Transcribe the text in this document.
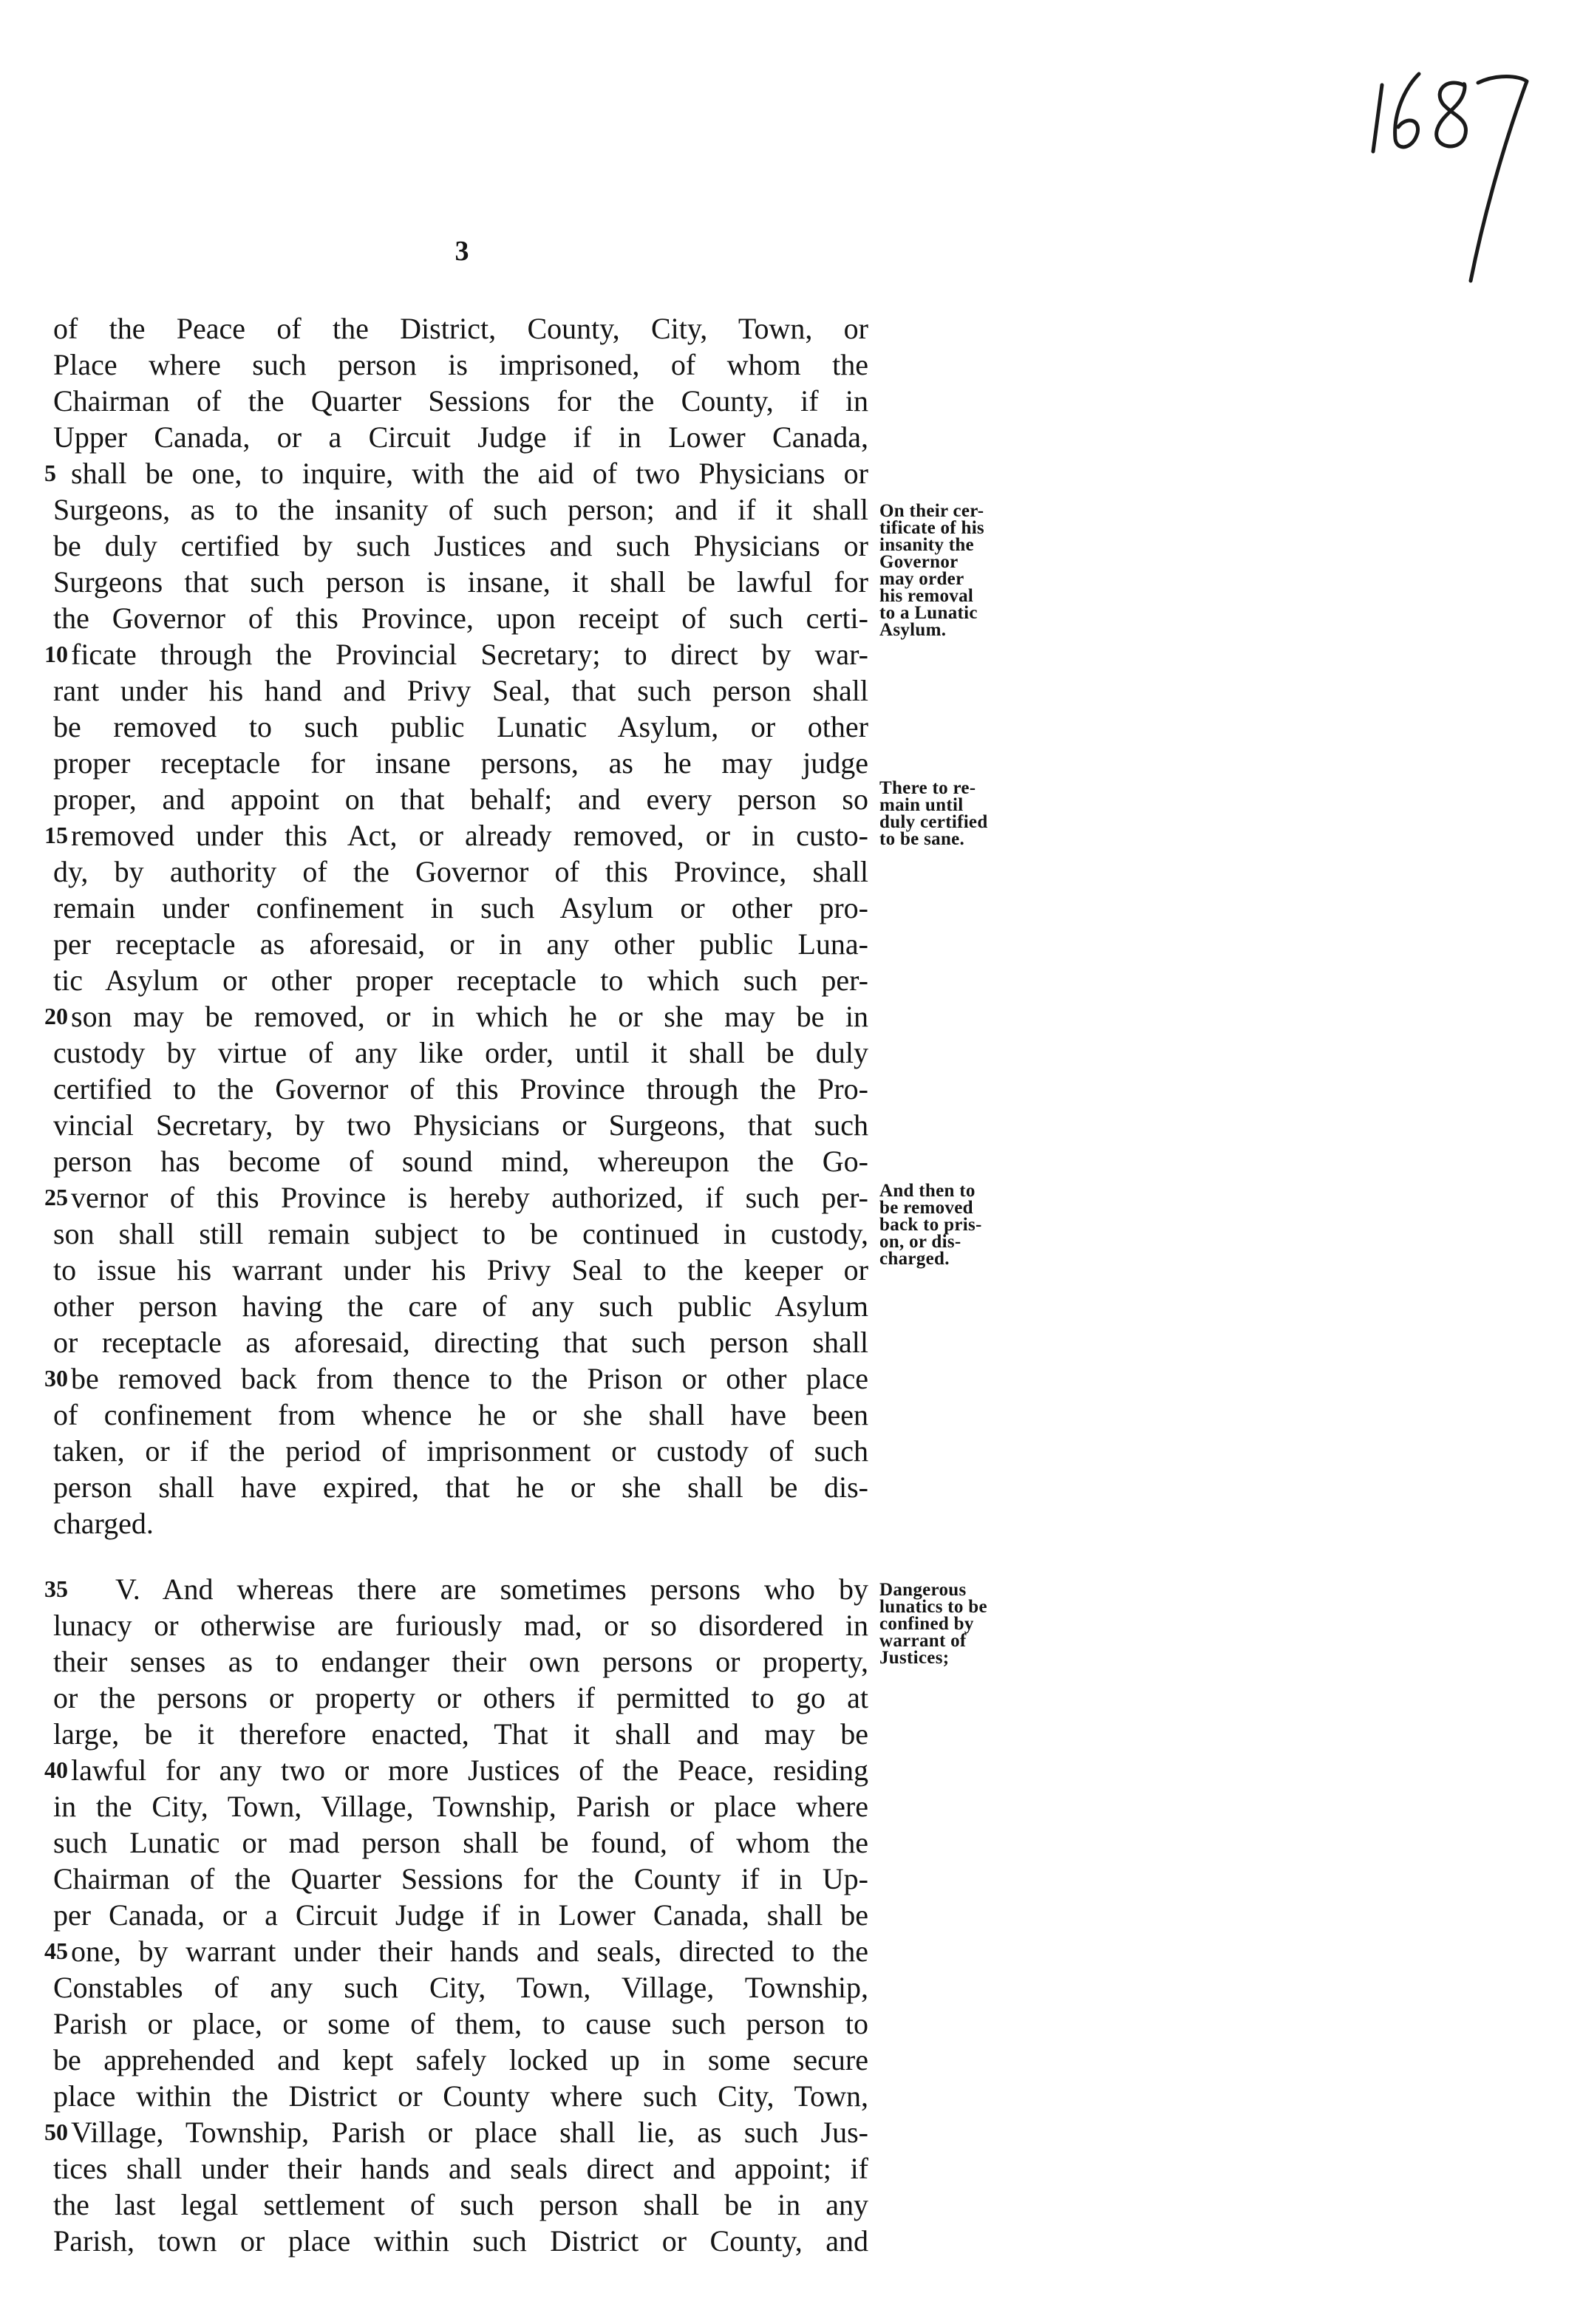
3
of the Peace of the District, County, City, Town, or
Place where such person is imprisoned, of whom the
Chairman of the Quarter Sessions for the County, if in
Upper Canada, or a Circuit Judge if in Lower Canada,
5 shall be one, to inquire, with the aid of two Physicians or
Surgeons, as to the insanity of such person; and if it shall
be duly certified by such Justices and such Physicians or
Surgeons that such person is insane, it shall be lawful for
the Governor of this Province, upon receipt of such certi-
10 ficate through the Provincial Secretary; to direct by war-
rant under his hand and Privy Seal, that such person shall
be removed to such public Lunatic Asylum, or other
proper receptacle for insane persons, as he may judge
proper, and appoint on that behalf; and every person so
15 removed under this Act, or already removed, or in custo-
dy, by authority of the Governor of this Province, shall
remain under confinement in such Asylum or other pro-
per receptacle as aforesaid, or in any other public Luna-
tic Asylum or other proper receptacle to which such per-
20 son may be removed, or in which he or she may be in
custody by virtue of any like order, until it shall be duly
certified to the Governor of this Province through the Pro-
vincial Secretary, by two Physicians or Surgeons, that such
person has become of sound mind, whereupon the Go-
25 vernor of this Province is hereby authorized, if such per-
son shall still remain subject to be continued in custody,
to issue his warrant under his Privy Seal to the keeper or
other person having the care of any such public Asylum
or receptacle as aforesaid, directing that such person shall
30 be removed back from thence to the Prison or other place
of confinement from whence he or she shall have been
taken, or if the period of imprisonment or custody of such
person shall have expired, that he or she shall be dis-
charged.
35	V. And whereas there are sometimes persons who by
lunacy or otherwise are furiously mad, or so disordered in
their senses as to endanger their own persons or property,
or the persons or property or others if permitted to go at
large, be it therefore enacted, That it shall and may be
40 lawful for any two or more Justices of the Peace, residing
in the City, Town, Village, Township, Parish or place where
such Lunatic or mad person shall be found, of whom the
Chairman of the Quarter Sessions for the County if in Up-
per Canada, or a Circuit Judge if in Lower Canada, shall be
45 one, by warrant under their hands and seals, directed to the
Constables of any such City, Town, Village, Township,
Parish or place, or some of them, to cause such person to
be apprehended and kept safely locked up in some secure
place within the District or County where such City, Town,
50 Village, Township, Parish or place shall lie, as such Jus-
tices shall under their hands and seals direct and appoint; if
the last legal settlement of such person shall be in any
Parish, town or place within such District or County, and
On their cer-
tificate of his
insanity the
Governor
may order
his removal
to a Lunatic
Asylum.
There to re-
main until
duly certified
to be sane.
And then to
be removed
back to pris-
on, or dis-
charged.
Dangerous
lunatics to be
confined by
warrant of
Justices;
